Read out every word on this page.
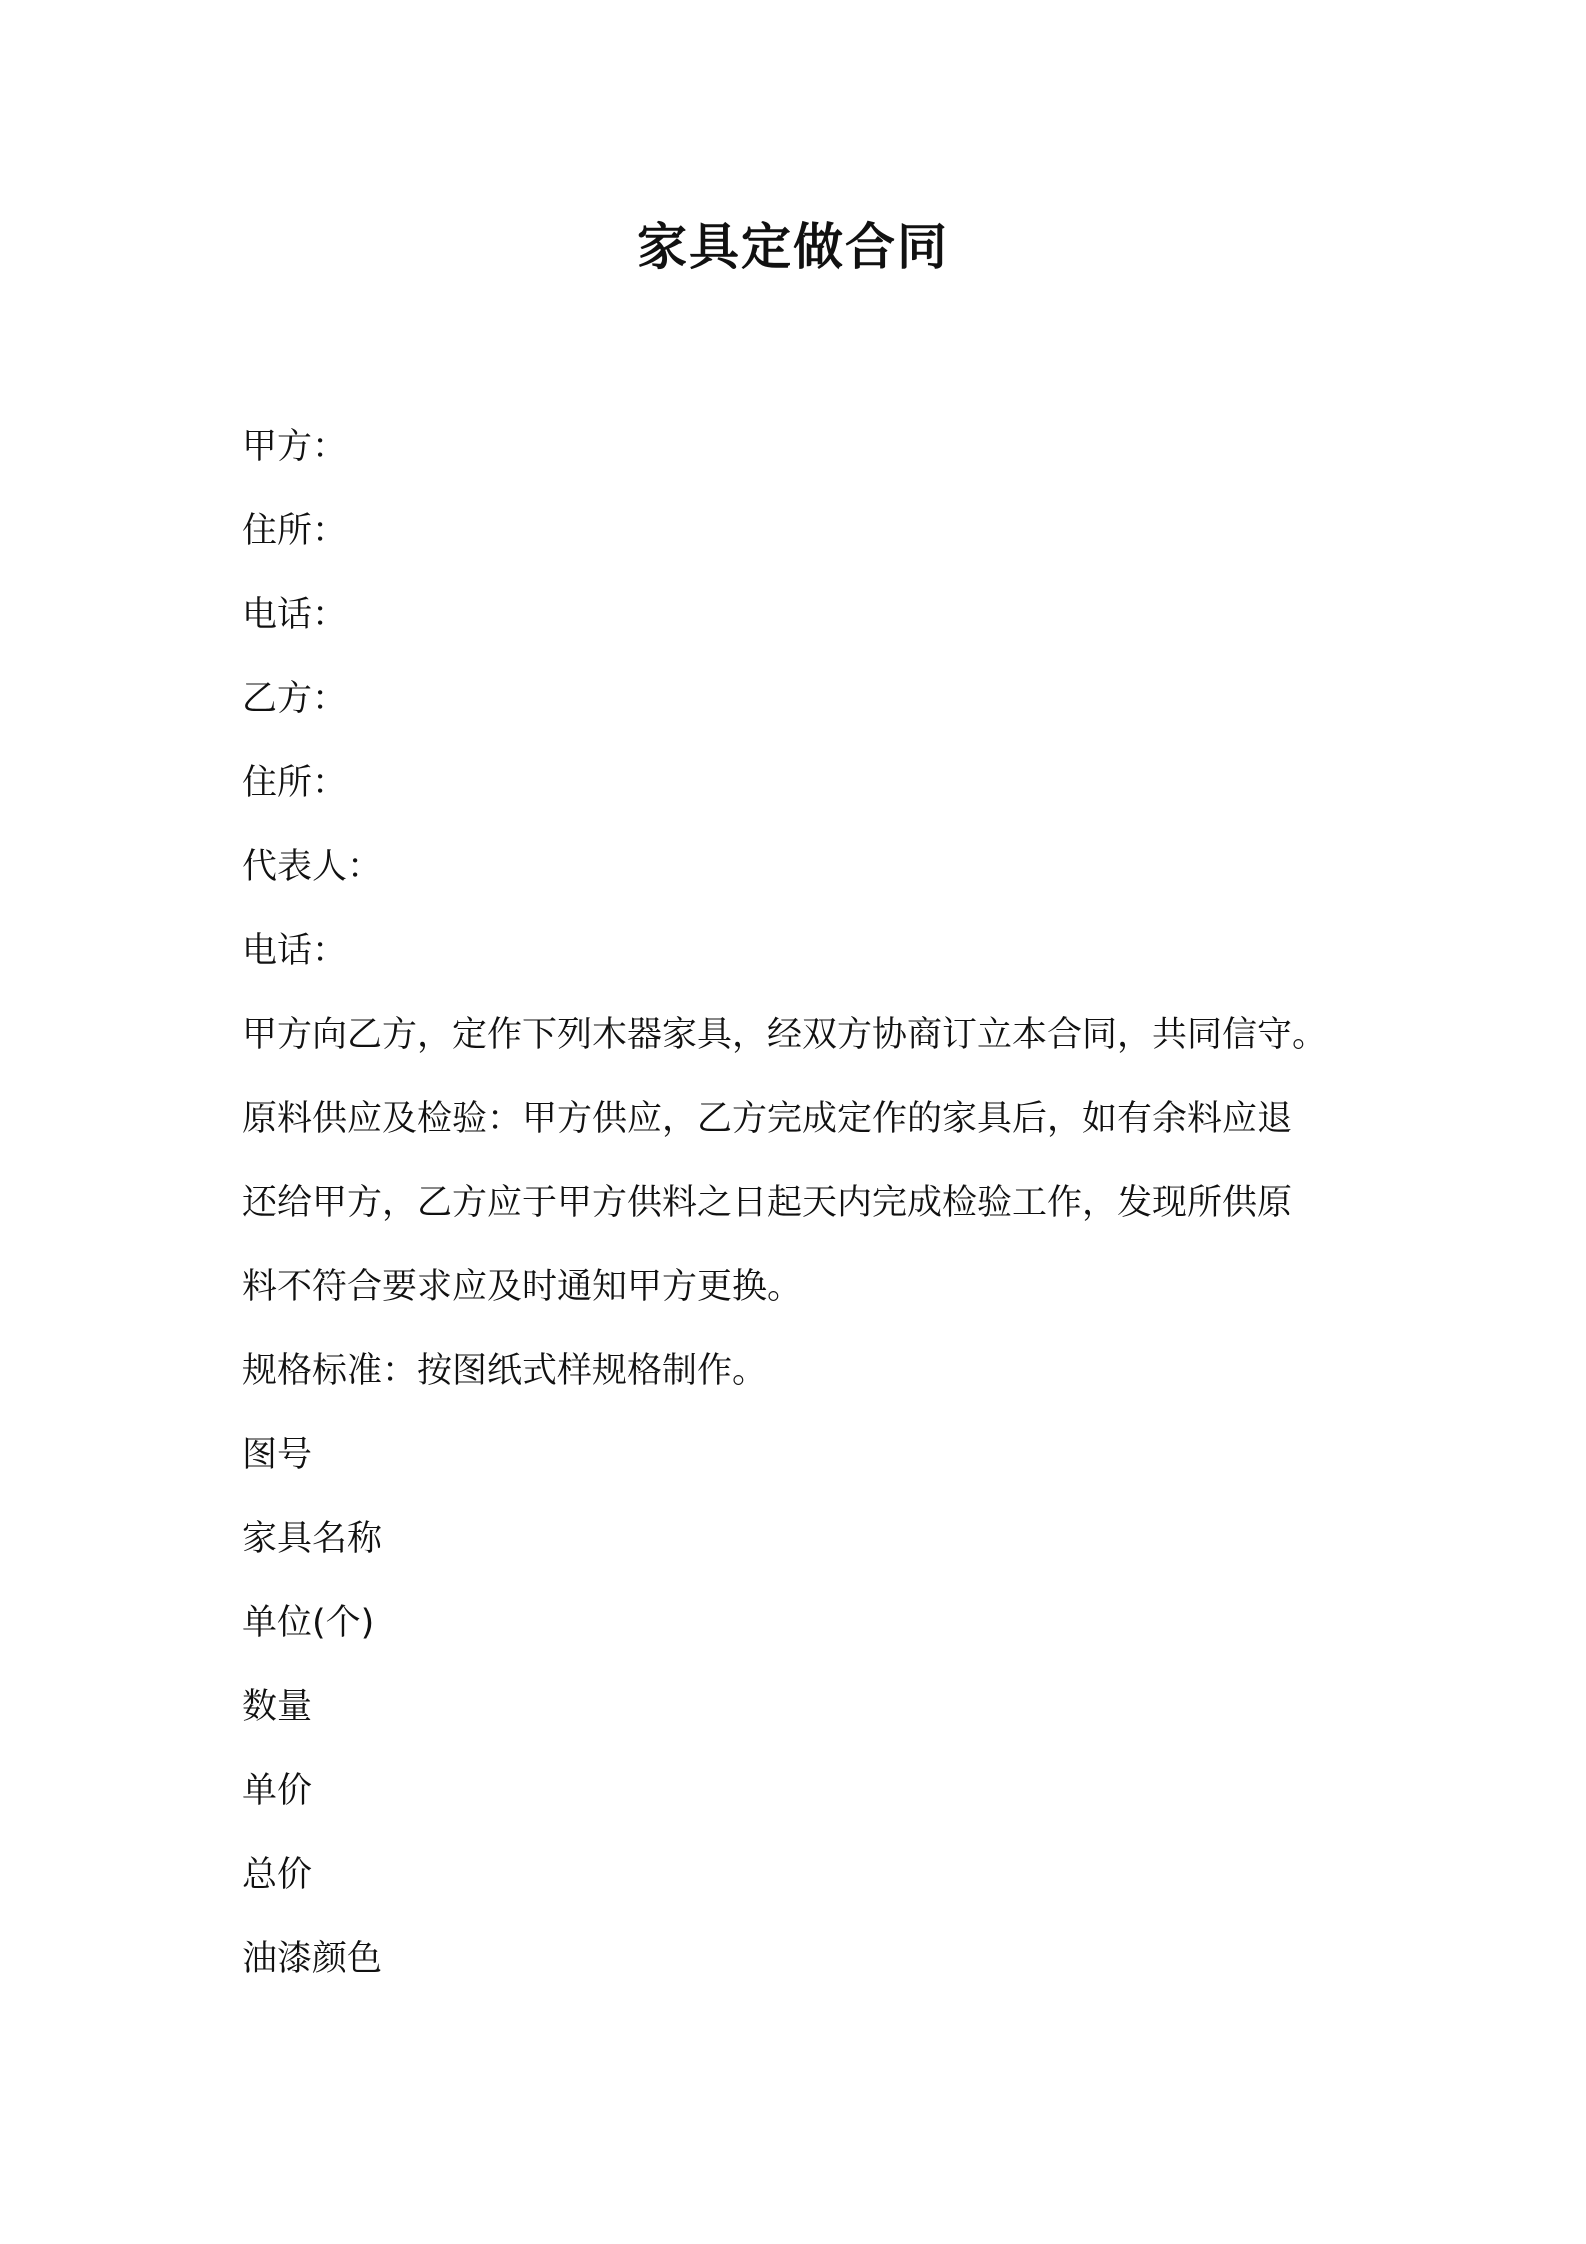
家具定做合同

甲方：

住所：

电话：

乙方：

住所：

代表人：

电话：

甲方向乙方，定作下列木器家具，经双方协商订立本合同，共同信守。

原料供应及检验：甲方供应，乙方完成定作的家具后，如有余料应退

还给甲方，乙方应于甲方供料之日起天内完成检验工作，发现所供原

料不符合要求应及时通知甲方更换。

规格标准：按图纸式样规格制作。

图号

家具名称

单位(个)

数量

单价

总价

油漆颜色
